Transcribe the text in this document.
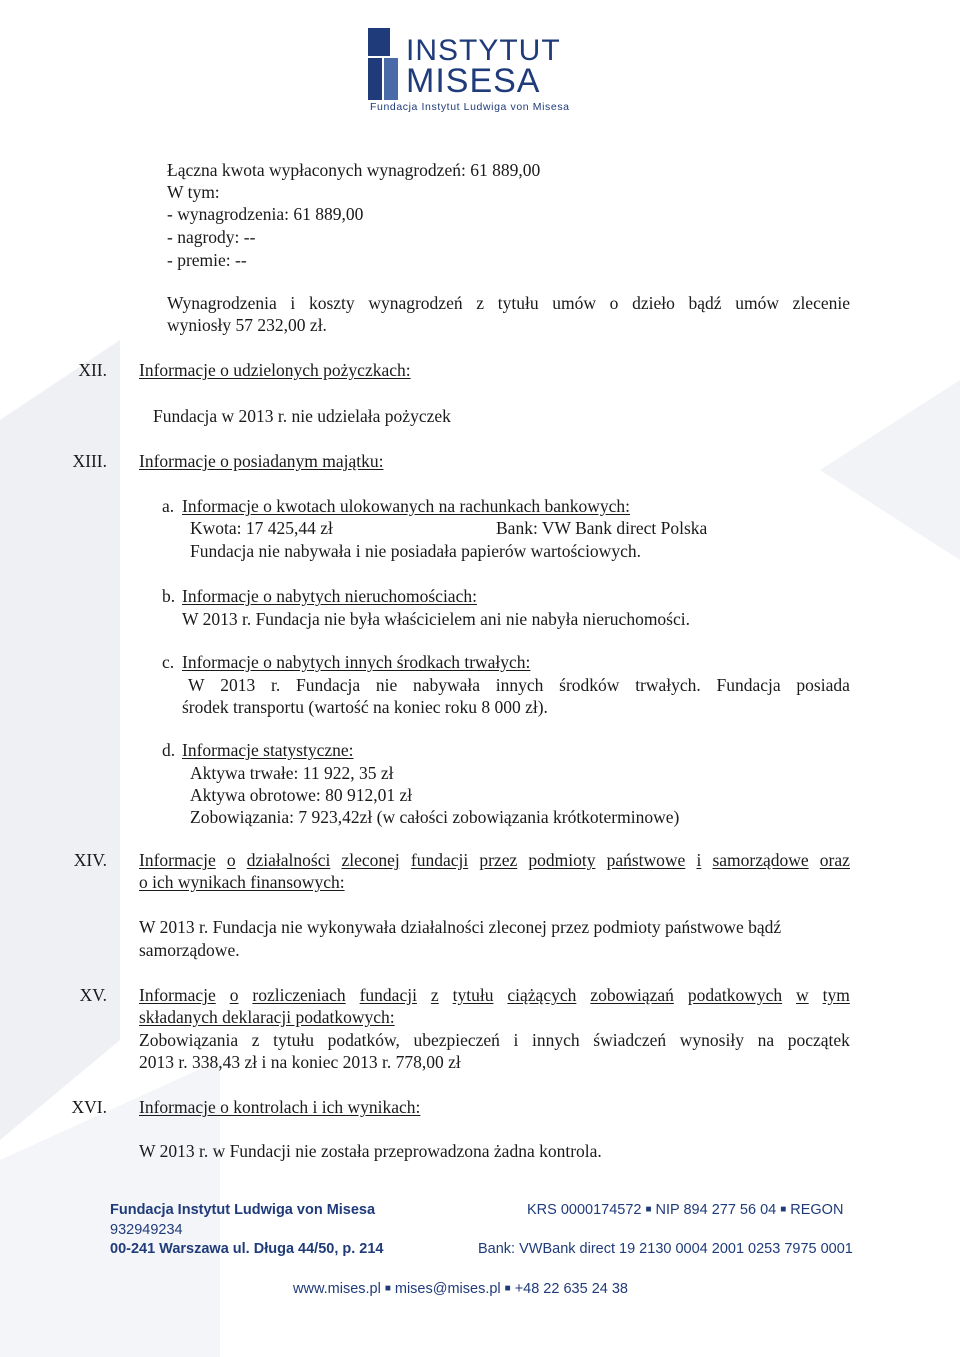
INSTYTUT
MISESA
Fundacja Instytut Ludwiga von Misesa
Łączna kwota wypłaconych wynagrodzeń: 61 889,00
W tym:
- wynagrodzenia: 61 889,00
- nagrody: --
- premie: --
Wynagrodzenia i koszty wynagrodzeń z tytułu umów o dzieło bądź umów zlecenie
wyniosły 57 232,00 zł.
XII. Informacje o udzielonych pożyczkach:
Fundacja w 2013 r. nie udzielała pożyczek
XIII. Informacje o posiadanym majątku:
a. Informacje o kwotach ulokowanych na rachunkach bankowych:
Kwota: 17 425,44 zł	Bank: VW Bank direct Polska
Fundacja nie nabywała i nie posiadała papierów wartościowych.
b. Informacje o nabytych nieruchomościach:
W 2013 r. Fundacja nie była właścicielem ani nie nabyła nieruchomości.
c. Informacje o nabytych innych środkach trwałych:
W 2013 r. Fundacja nie nabywała innych środków trwałych. Fundacja posiada
środek transportu (wartość na koniec roku 8 000 zł).
d. Informacje statystyczne:
Aktywa trwałe: 11 922, 35 zł
Aktywa obrotowe: 80 912,01 zł
Zobowiązania: 7 923,42zł (w całości zobowiązania krótkoterminowe)
XIV. Informacje o działalności zleconej fundacji przez podmioty państwowe i samorządowe oraz
o ich wynikach finansowych:
W 2013 r. Fundacja nie wykonywała działalności zleconej przez podmioty państwowe bądź
samorządowe.
XV. Informacje o rozliczeniach fundacji z tytułu ciążących zobowiązań podatkowych w tym
składanych deklaracji podatkowych:
Zobowiązania z tytułu podatków, ubezpieczeń i innych świadczeń wynosiły na początek
2013 r. 338,43 zł i na koniec 2013 r. 778,00 zł
XVI. Informacje o kontrolach i ich wynikach:
W 2013 r. w Fundacji nie została przeprowadzona żadna kontrola.
Fundacja Instytut Ludwiga von Misesa	KRS 0000174572 ■ NIP 894 277 56 04 ■ REGON
932949234
00-241 Warszawa ul. Długa 44/50, p. 214	Bank: VWBank direct 19 2130 0004 2001 0253 7975 0001
www.mises.pl ■ mises@mises.pl ■ +48 22 635 24 38
